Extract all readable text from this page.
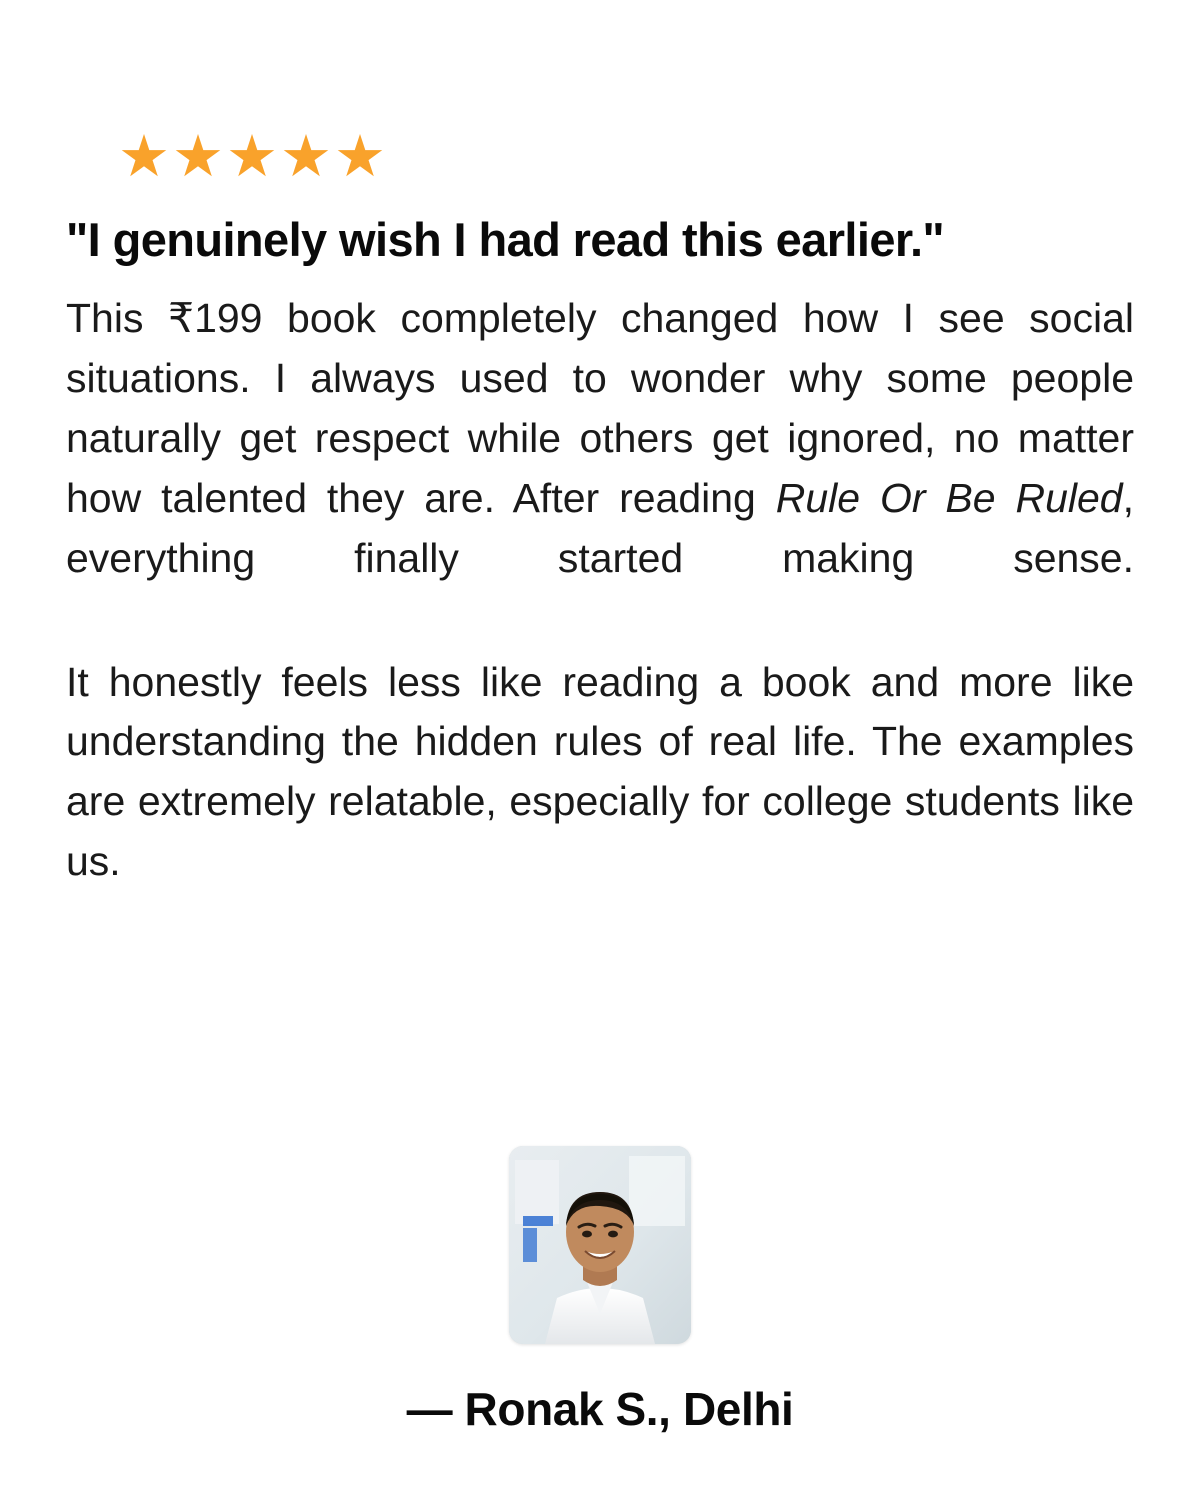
★ ★ ★ ★ ★
"I genuinely wish I had read this earlier."

This ₹199 book completely changed how I see social situations. I always used to wonder why some people naturally get respect while others get ignored, no matter how talented they are. After reading Rule Or Be Ruled, everything finally started making sense.

It honestly feels less like reading a book and more like understanding the hidden rules of real life. The examples are extremely relatable, especially for college students like us.

— Ronak S., Delhi
